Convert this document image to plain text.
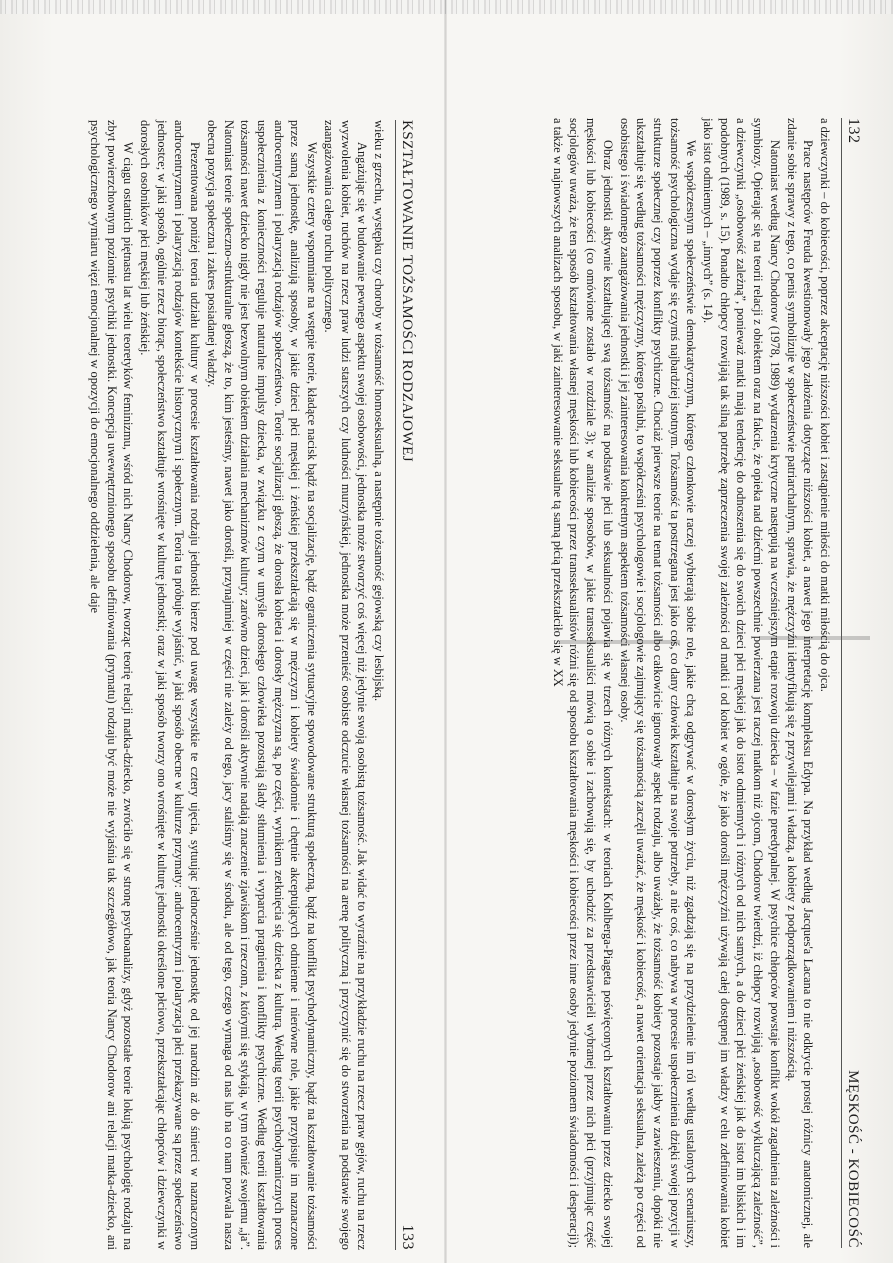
132
MĘSKOŚĆ - KOBIECOŚĆ

a dziewczynki – do kobiecości, poprzez akceptację niższości kobiet i zastąpienie miłości do matki miłością do ojca.

Prace następców Freuda kwestionowały jego założenia dotyczące niższości kobiet, a nawet jego interpretację kompleksu Edypa. Na przykład według Jacques'a Lacana to nie odkrycie prostej różnicy anatomicznej, ale zdanie sobie sprawy z tego, co penis symbolizuje w społeczeństwie patriarchalnym, sprawia, że mężczyźni identyfikują się z przywilejami i władzą, a kobiety z podporządkowaniem i niższością.

Natomiast według Nancy Chodorow (1978, 1989) wydarzenia krytyczne następują na wcześniejszym etapie rozwoju dziecka – w fazie preedypalnej. W psychice chłopców powstaje konflikt wokół zagadnienia zależności i symbiozy. Opierając się na teorii relacji z obiektem oraz na fakcie, że opieka nad dziećmi powszechnie powierzana jest raczej matkom niż ojcom, Chodorow twierdzi, iż chłopcy rozwijają „osobowość wykluczającą zależność”, a dziewczynki „osobowość zależną”, ponieważ matki mają tendencję do odnoszenia się do swoich dzieci płci męskiej jak do istot odmiennych i różnych od nich samych, a do dzieci płci żeńskiej jak do istot im bliskich i im podobnych (1989, s. 15). Ponadto chłopcy rozwijają tak silną potrzebę zaprzeczenia swojej zależności od matki i od kobiet w ogóle, że jako dorośli mężczyźni używają całej dostępnej im władzy w celu zdefiniowania kobiet jako istot odmiennych – „innych” (s. 14).

We współczesnym społeczeństwie demokratycznym, którego członkowie raczej wybierają sobie role, jakie chcą odgrywać w dorosłym życiu, niż zgadzają się na przydzielenie im ról według ustalonych scenariuszy, tożsamość psychologiczna wydaje się czymś najbardziej istotnym. Tożsamość ta postrzegana jest jako coś, co dany człowiek kształtuje na swoje potrzeby, a nie coś, co nabywa w procesie uspołecznienia dzięki swojej pozycji w strukturze społecznej czy poprzez konflikty psychiczne. Chociaż pierwsze teorie na temat tożsamości albo całkowicie ignorowały aspekt rodzaju, albo uważały, że tożsamość kobiety pozostaje jakby w zawieszeniu, dopóki nie ukształtuje się według tożsamości mężczyzny, którego poślubi, to współcześni psychologowie i socjologowie zajmujący się tożsamością zaczęli uważać, że męskość i kobiecość, a nawet orientacja seksualna, zależą po części od osobistego i świadomego zaangażowania jednostki i jej zainteresowania konkretnym aspektem tożsamości własnej osoby.

Obraz jednostki aktywnie kształtującej swą tożsamość na podstawie płci lub seksualności pojawia się w trzech różnych kontekstach: w teoriach Kohlberga-Piageta poświęconych kształtowaniu przez dziecko swojej męskości lub kobiecości (co omówione zostało w rozdziale 3); w analizie sposobów, w jakie transseksualiści mówią o sobie i zachowują się, by uchodzić za przedstawicieli wybranej przez nich płci (przyjmując część socjologów uważa, że ten sposób kształtowania własnej męskości lub kobiecości przez transseksualistów różni się od sposobu kształtowania męskości i kobiecości przez inne osoby jedynie poziomem świadomości i desperacji); a także w najnowszych analizach sposobu, w jaki zainteresowanie seksualne tą samą płcią przekształciło się w XX

KSZTAŁTOWANIE TOŻSAMOŚCI RODZAJOWEJ
133

wieku z grzechu, występku czy choroby w tożsamość homoseksualną, a następnie tożsamość gejowską czy lesbijską.

Angażując się w budowanie pewnego aspektu swojej osobowości, jednostka może stworzyć coś więcej niż jedynie swoją osobistą tożsamość. Jak widać to wyraźnie na przykładzie ruchu na rzecz praw gejów, ruchu na rzecz wyzwolenia kobiet, ruchów na rzecz praw ludzi starszych czy ludności murzyńskiej, jednostka może przenieść osobiste odczucie własnej tożsamości na arenę polityczną i przyczynić się do stworzenia na podstawie swojego zaangażowania całego ruchu politycznego.

Wszystkie cztery wspomniane na wstępie teorie, kładące nacisk bądź na socjalizację, bądź ograniczenia sytuacyjne spowodowane strukturą społeczną, bądź na konflikt psychodynamiczny, bądź na kształtowanie tożsamości przez samą jednostkę, analizują sposoby, w jakie dzieci płci męskiej i żeńskiej przekształcają się w mężczyzn i kobiety świadomie i chętnie akceptujących odmienne i nierówne role, jakie przypisuje im naznaczone androcentryzmem i polaryzacją rodzajów społeczeństwo. Teorie socjalizacji głoszą, że dorosła kobieta i dorosły mężczyzna są, po części, wynikiem zetknięcia się dziecka z kulturą. Według teorii psychodynamicznych proces uspołecznienia z konieczności reguluje naturalne impulsy dziecka, w związku z czym w umyśle dorosłego człowieka pozostają ślady stłumienia i wyparcia pragnienia i konflikty psychiczne. Według teorii kształtowania tożsamości nawet dziecko nigdy nie jest bezwolnym obiektem działania mechanizmów kultury; zarówno dzieci, jak i dorośli aktywnie nadają znaczenie zjawiskom i rzeczom, z którymi się stykają, w tym również swojemu „ja”. Natomiast teorie społeczno-strukturalne głoszą, że to, kim jesteśmy, nawet jako dorośli, przynajmniej w części nie zależy od tego, jacy staliśmy się w środku, ale od tego, czego wymaga od nas lub na co nam pozwala nasza obecna pozycja społeczna i zakres posiadanej władzy.

Prezentowana poniżej teoria udziału kultury w procesie kształtowania rodzaju jednostki bierze pod uwagę wszystkie te cztery ujęcia, sytuując jednocześnie jednostkę od jej narodzin aż do śmierci w naznaczonym androcentryzmem i polaryzacją rodzajów kontekście historycznym i społecznym. Teoria ta próbuje wyjaśnić, w jaki sposób obecne w kulturze przymaty: androcentryzm i polaryzacja płci przekazywane są przez społeczeństwo jednostce; w jaki sposób, ogólnie rzecz biorąc, społeczeństwo kształtuje wrośnięte w kulturę jednostki; oraz w jaki sposób tworzy ono wrośnięte w kulturę jednostki określone płciowo, przekształcając chłopców i dziewczynki w dorosłych osobników płci męskiej lub żeńskiej.

W ciągu ostatnich piętnastu lat wielu teoretyków feminizmu, wśród nich Nancy Chodorow, tworząc teorię relacji matka-dziecko, zwróciło się w stronę psychoanalizy, gdyż pozostałe teorie lokują psychologię rodzaju na zbyt powierzchownym poziomie psychiki jednostki. Koncepcja uwewnętrznionego sposobu definiowania (prymatu) rodzaju być może nie wyjaśnia tak szczegółowo, jak teoria Nancy Chodorow ani relacji matka-dziecko, ani psychologicznego wymiaru więzi emocjonalnej w opozycji do emocjonalnego oddzielenia, ale daje
